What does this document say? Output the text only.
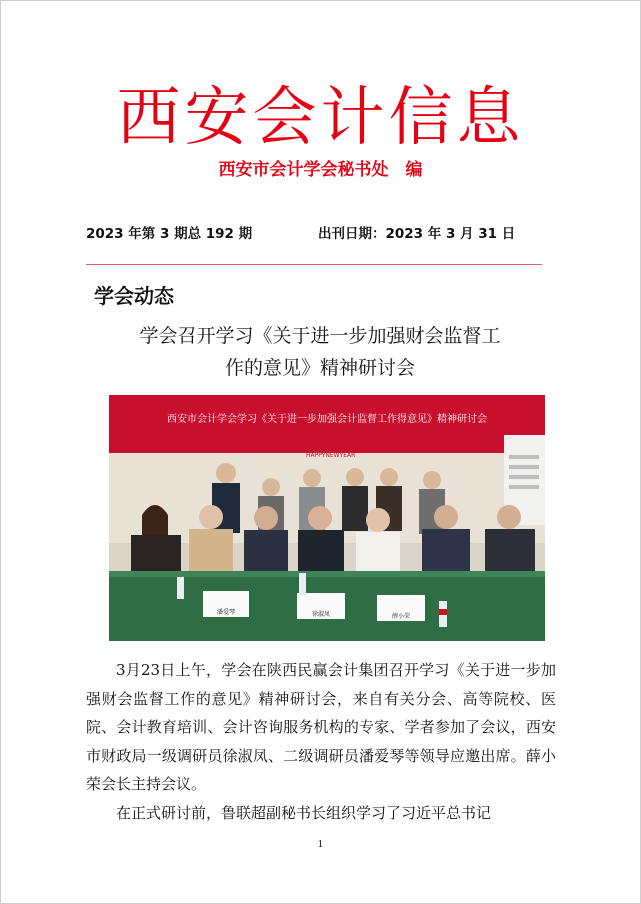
西安会计信息
西安市会计学会秘书处　编
2023 年第 3 期总 192 期	出刊日期：2023 年 3 月 31 日
学会动态
学会召开学习《关于进一步加强财会监督工
作的意见》精神研讨会
西安市会计学会学习《关于进一步加强会计监督工作得意见》精神研讨会
HAPPYNEWYEAR
潘爱琴	徐淑凤	薛小荣

3月23日上午，学会在陕西民赢会计集团召开学习《关于进一步加强财会监督工作的意见》精神研讨会，来自有关分会、高等院校、医院、会计教育培训、会计咨询服务机构的专家、学者参加了会议，西安市财政局一级调研员徐淑凤、二级调研员潘爱琴等领导应邀出席。薛小荣会长主持会议。

在正式研讨前，鲁联超副秘书长组织学习了习近平总书记

1
